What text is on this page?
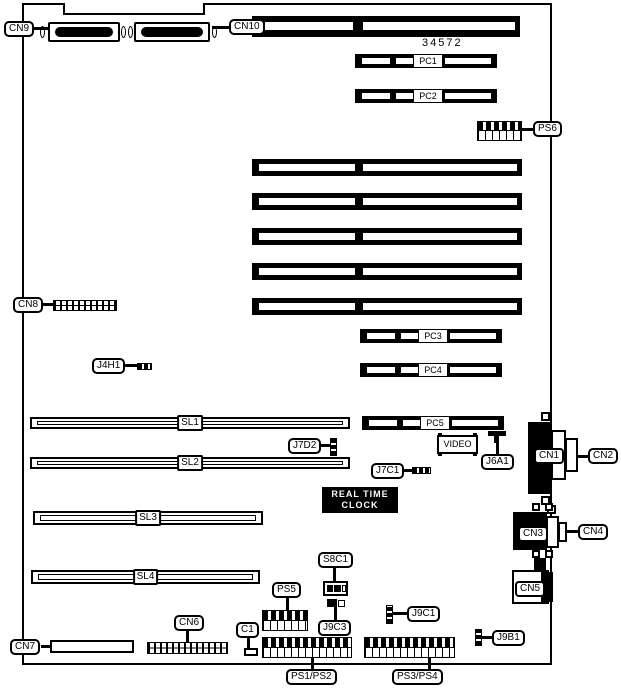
34572
PC1
PC2
PC3
PC4
PC5
VIDEO
REAL TIME
CLOCK
SL1
SL2
SL3
SL4
CN9	CN10
PS6
CN8
J4H1
J7D2
J7C1
J6A1
CN1	CN2
CN3	CN4
CN5
S8C1
PS5
J9C3
J9C1
J9B1
CN6
CN7
C1
PS1/PS2	PS3/PS4
